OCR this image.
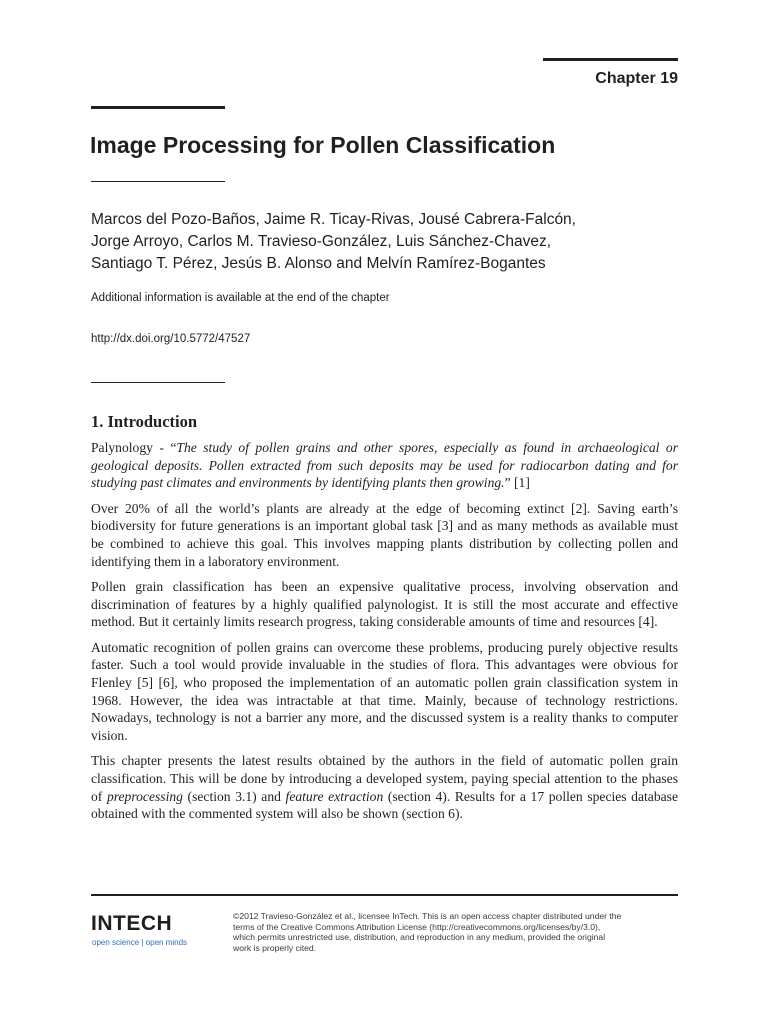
Chapter 19
Image Processing for Pollen Classification
Marcos del Pozo-Baños, Jaime R. Ticay-Rivas, Jousé Cabrera-Falcón,
Jorge Arroyo, Carlos M. Travieso-González, Luis Sánchez-Chavez,
Santiago T. Pérez, Jesús B. Alonso and Melvín Ramírez-Bogantes
Additional information is available at the end of the chapter
http://dx.doi.org/10.5772/47527
1. Introduction

Palynology - “The study of pollen grains and other spores, especially as found in archaeological or geological deposits. Pollen extracted from such deposits may be used for radiocarbon dating and for studying past climates and environments by identifying plants then growing.” [1]

Over 20% of all the world’s plants are already at the edge of becoming extinct [2]. Saving earth’s biodiversity for future generations is an important global task [3] and as many methods as available must be combined to achieve this goal. This involves mapping plants distribution by collecting pollen and identifying them in a laboratory environment.

Pollen grain classification has been an expensive qualitative process, involving observation and discrimination of features by a highly qualified palynologist. It is still the most accurate and effective method. But it certainly limits research progress, taking considerable amounts of time and resources [4].

Automatic recognition of pollen grains can overcome these problems, producing purely objective results faster. Such a tool would provide invaluable in the studies of flora. This advantages were obvious for Flenley [5] [6], who proposed the implementation of an automatic pollen grain classification system in 1968. However, the idea was intractable at that time. Mainly, because of technology restrictions. Nowadays, technology is not a barrier any more, and the discussed system is a reality thanks to computer vision.

This chapter presents the latest results obtained by the authors in the field of automatic pollen grain classification. This will be done by introducing a developed system, paying special attention to the phases of preprocessing (section 3.1) and feature extraction (section 4). Results for a 17 pollen species database obtained with the commented system will also be shown (section 6).

INTECH
open science | open minds
©2012 Travieso-González et al., licensee InTech. This is an open access chapter distributed under the
terms of the Creative Commons Attribution License (http://creativecommons.org/licenses/by/3.0),
which permits unrestricted use, distribution, and reproduction in any medium, provided the original
work is properly cited.
